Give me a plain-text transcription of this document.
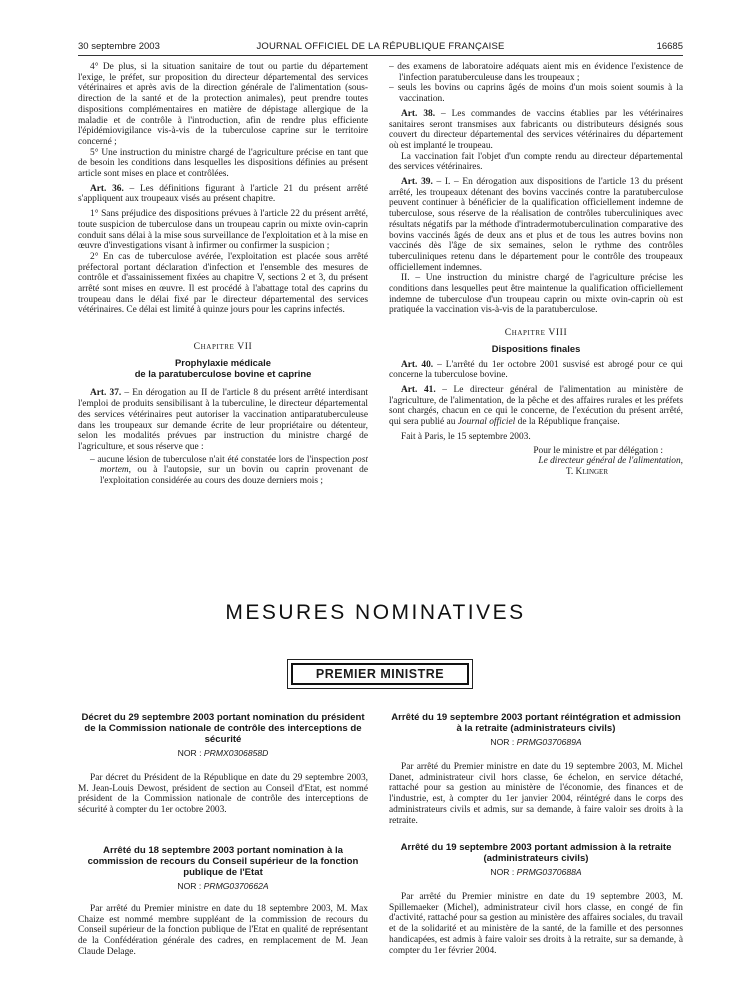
30 septembre 2003	JOURNAL OFFICIEL DE LA RÉPUBLIQUE FRANÇAISE	16685

4° De plus, si la situation sanitaire de tout ou partie du département l'exige, le préfet, sur proposition du directeur départemental des services vétérinaires et après avis de la direction générale de l'alimentation (sous-direction de la santé et de la protection animales), peut prendre toutes dispositions complémentaires en matière de dépistage allergique de la maladie et de contrôle à l'introduction, afin de rendre plus efficiente l'épidémiovigilance vis-à-vis de la tuberculose caprine sur le territoire concerné ;

5° Une instruction du ministre chargé de l'agriculture précise en tant que de besoin les conditions dans lesquelles les dispositions définies au présent article sont mises en place et contrôlées.

Art. 36. – Les définitions figurant à l'article 21 du présent arrêté s'appliquent aux troupeaux visés au présent chapitre.

1° Sans préjudice des dispositions prévues à l'article 22 du présent arrêté, toute suspicion de tuberculose dans un troupeau caprin ou mixte ovin-caprin conduit sans délai à la mise sous surveillance de l'exploitation et à la mise en œuvre d'investigations visant à infirmer ou confirmer la suspicion ;

2° En cas de tuberculose avérée, l'exploitation est placée sous arrêté préfectoral portant déclaration d'infection et l'ensemble des mesures de contrôle et d'assainissement fixées au chapitre V, sections 2 et 3, du présent arrêté sont mises en œuvre. Il est procédé à l'abattage total des caprins du troupeau dans le délai fixé par le directeur départemental des services vétérinaires. Ce délai est limité à quinze jours pour les caprins infectés.

Chapitre VII

Prophylaxie médicale

de la paratuberculose bovine et caprine

Art. 37. – En dérogation au II de l'article 8 du présent arrêté interdisant l'emploi de produits sensibilisant à la tuberculine, le directeur départemental des services vétérinaires peut autoriser la vaccination antiparatuberculeuse dans les troupeaux sur demande écrite de leur propriétaire ou détenteur, selon les modalités prévues par instruction du ministre chargé de l'agriculture, et sous réserve que :

– aucune lésion de tuberculose n'ait été constatée lors de l'inspection post mortem, ou à l'autopsie, sur un bovin ou caprin provenant de l'exploitation considérée au cours des douze derniers mois ;

– des examens de laboratoire adéquats aient mis en évidence l'existence de l'infection paratuberculeuse dans les troupeaux ;

– seuls les bovins ou caprins âgés de moins d'un mois soient soumis à la vaccination.

Art. 38. – Les commandes de vaccins établies par les vétérinaires sanitaires seront transmises aux fabricants ou distributeurs désignés sous couvert du directeur départemental des services vétérinaires du département où est implanté le troupeau.

La vaccination fait l'objet d'un compte rendu au directeur départemental des services vétérinaires.

Art. 39. – I. – En dérogation aux dispositions de l'article 13 du présent arrêté, les troupeaux détenant des bovins vaccinés contre la paratuberculose peuvent continuer à bénéficier de la qualification officiellement indemne de tuberculose, sous réserve de la réalisation de contrôles tuberculiniques avec résultats négatifs par la méthode d'intradermotuberculination comparative des bovins vaccinés âgés de deux ans et plus et de tous les autres bovins non vaccinés dès l'âge de six semaines, selon le rythme des contrôles tuberculiniques retenu dans le département pour le contrôle des troupeaux officiellement indemnes.

II. – Une instruction du ministre chargé de l'agriculture précise les conditions dans lesquelles peut être maintenue la qualification officiellement indemne de tuberculose d'un troupeau caprin ou mixte ovin-caprin où est pratiquée la vaccination vis-à-vis de la paratuberculose.

Chapitre VIII

Dispositions finales

Art. 40. – L'arrêté du 1er octobre 2001 susvisé est abrogé pour ce qui concerne la tuberculose bovine.

Art. 41. – Le directeur général de l'alimentation au ministère de l'agriculture, de l'alimentation, de la pêche et des affaires rurales et les préfets sont chargés, chacun en ce qui le concerne, de l'exécution du présent arrêté, qui sera publié au Journal officiel de la République française.

Fait à Paris, le 15 septembre 2003.

Pour le ministre et par délégation :

Le directeur général de l'alimentation,

T. Klinger

MESURES NOMINATIVES
PREMIER MINISTRE

Décret du 29 septembre 2003 portant nomination du président de la Commission nationale de contrôle des interceptions de sécurité

NOR : PRMX0306858D

Par décret du Président de la République en date du 29 septembre 2003, M. Jean-Louis Dewost, président de section au Conseil d'Etat, est nommé président de la Commission nationale de contrôle des interceptions de sécurité à compter du 1er octobre 2003.

Arrêté du 18 septembre 2003 portant nomination à la commission de recours du Conseil supérieur de la fonction publique de l'Etat

NOR : PRMG0370662A

Par arrêté du Premier ministre en date du 18 septembre 2003, M. Max Chaize est nommé membre suppléant de la commission de recours du Conseil supérieur de la fonction publique de l'Etat en qualité de représentant de la Confédération générale des cadres, en remplacement de M. Jean Claude Delage.

Arrêté du 19 septembre 2003 portant réintégration et admission à la retraite (administrateurs civils)

NOR : PRMG0370689A

Par arrêté du Premier ministre en date du 19 septembre 2003, M. Michel Danet, administrateur civil hors classe, 6e échelon, en service détaché, rattaché pour sa gestion au ministère de l'économie, des finances et de l'industrie, est, à compter du 1er janvier 2004, réintégré dans le corps des administrateurs civils et admis, sur sa demande, à faire valoir ses droits à la retraite.

Arrêté du 19 septembre 2003 portant admission à la retraite (administrateurs civils)

NOR : PRMG0370688A

Par arrêté du Premier ministre en date du 19 septembre 2003, M. Spillemaeker (Michel), administrateur civil hors classe, en congé de fin d'activité, rattaché pour sa gestion au ministère des affaires sociales, du travail et de la solidarité et au ministère de la santé, de la famille et des personnes handicapées, est admis à faire valoir ses droits à la retraite, sur sa demande, à compter du 1er février 2004.
